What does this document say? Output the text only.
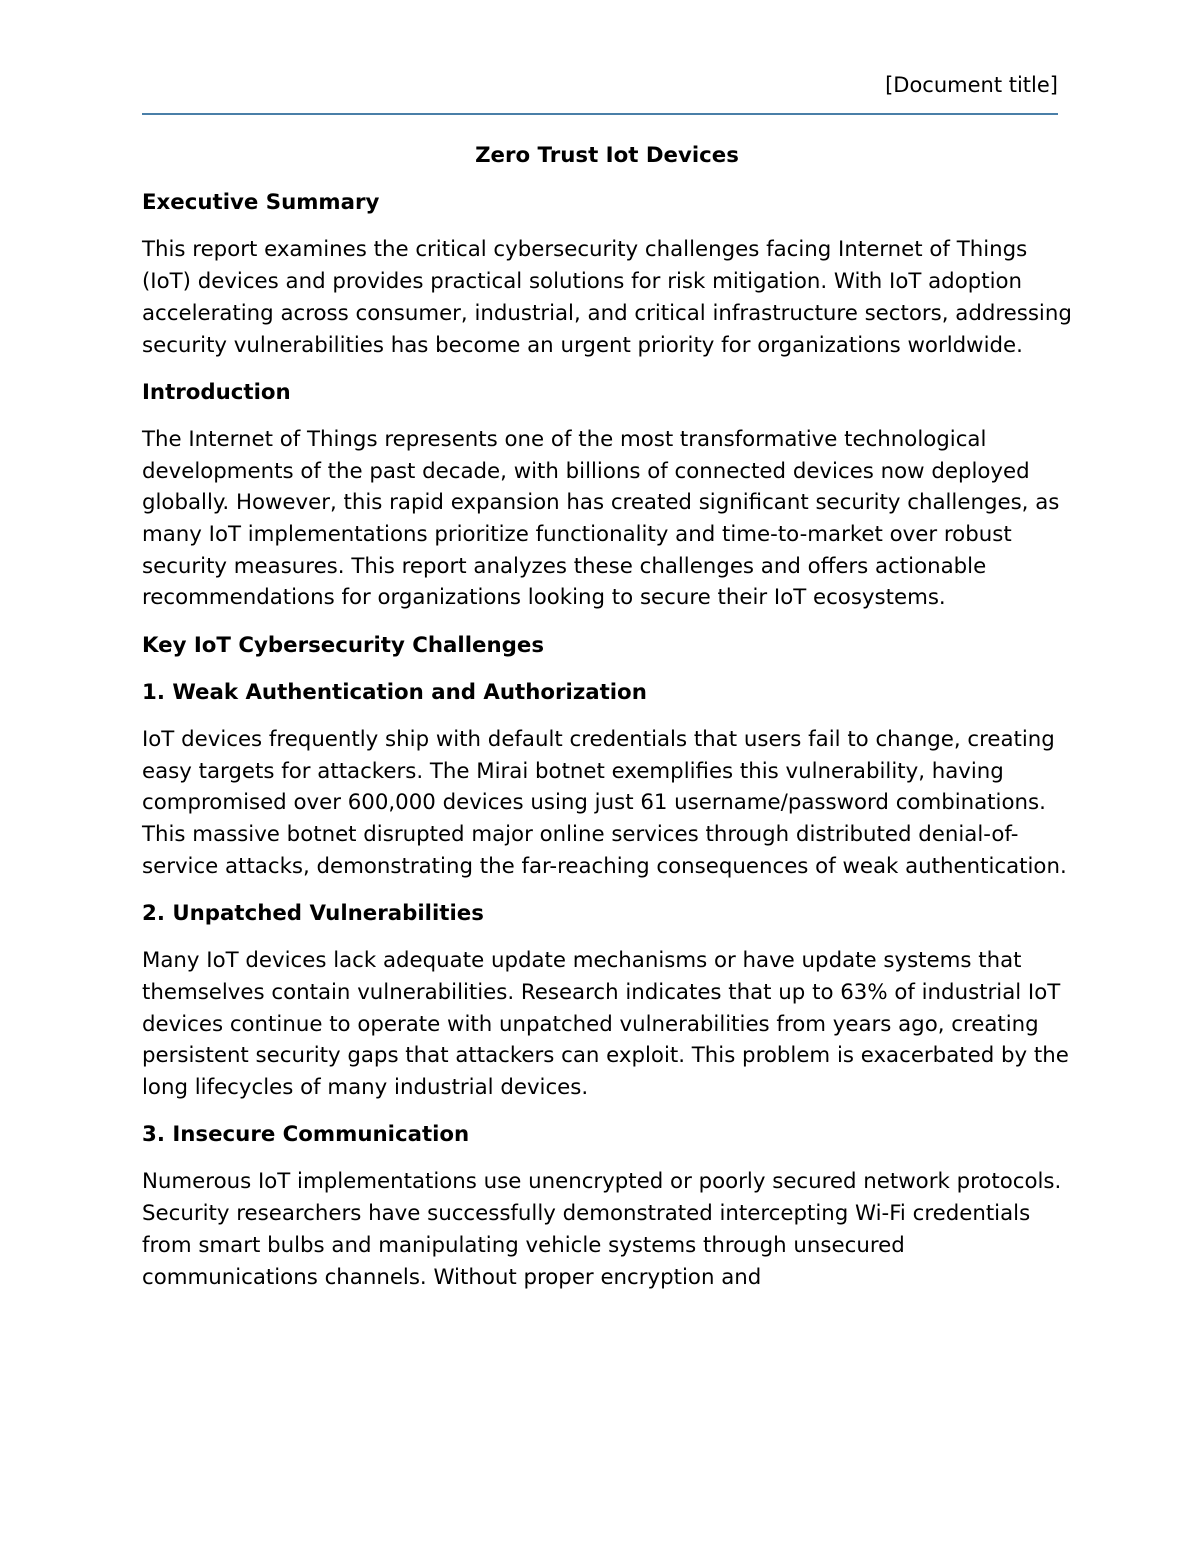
[Document title]
Zero Trust Iot Devices
Executive Summary

This report examines the critical cybersecurity challenges facing Internet of Things (IoT) devices and provides practical solutions for risk mitigation. With IoT adoption accelerating across consumer, industrial, and critical infrastructure sectors, addressing security vulnerabilities has become an urgent priority for organizations worldwide.

Introduction

The Internet of Things represents one of the most transformative technological developments of the past decade, with billions of connected devices now deployed globally. However, this rapid expansion has created significant security challenges, as many IoT implementations prioritize functionality and time-to-market over robust security measures. This report analyzes these challenges and offers actionable recommendations for organizations looking to secure their IoT ecosystems.

Key IoT Cybersecurity Challenges
1. Weak Authentication and Authorization

IoT devices frequently ship with default credentials that users fail to change, creating easy targets for attackers. The Mirai botnet exemplifies this vulnerability, having compromised over 600,000 devices using just 61 username/password combinations. This massive botnet disrupted major online services through distributed denial-of-service attacks, demonstrating the far-reaching consequences of weak authentication.

2. Unpatched Vulnerabilities

Many IoT devices lack adequate update mechanisms or have update systems that themselves contain vulnerabilities. Research indicates that up to 63% of industrial IoT devices continue to operate with unpatched vulnerabilities from years ago, creating persistent security gaps that attackers can exploit. This problem is exacerbated by the long lifecycles of many industrial devices.

3. Insecure Communication

Numerous IoT implementations use unencrypted or poorly secured network protocols. Security researchers have successfully demonstrated intercepting Wi-Fi credentials from smart bulbs and manipulating vehicle systems through unsecured communications channels. Without proper encryption and
